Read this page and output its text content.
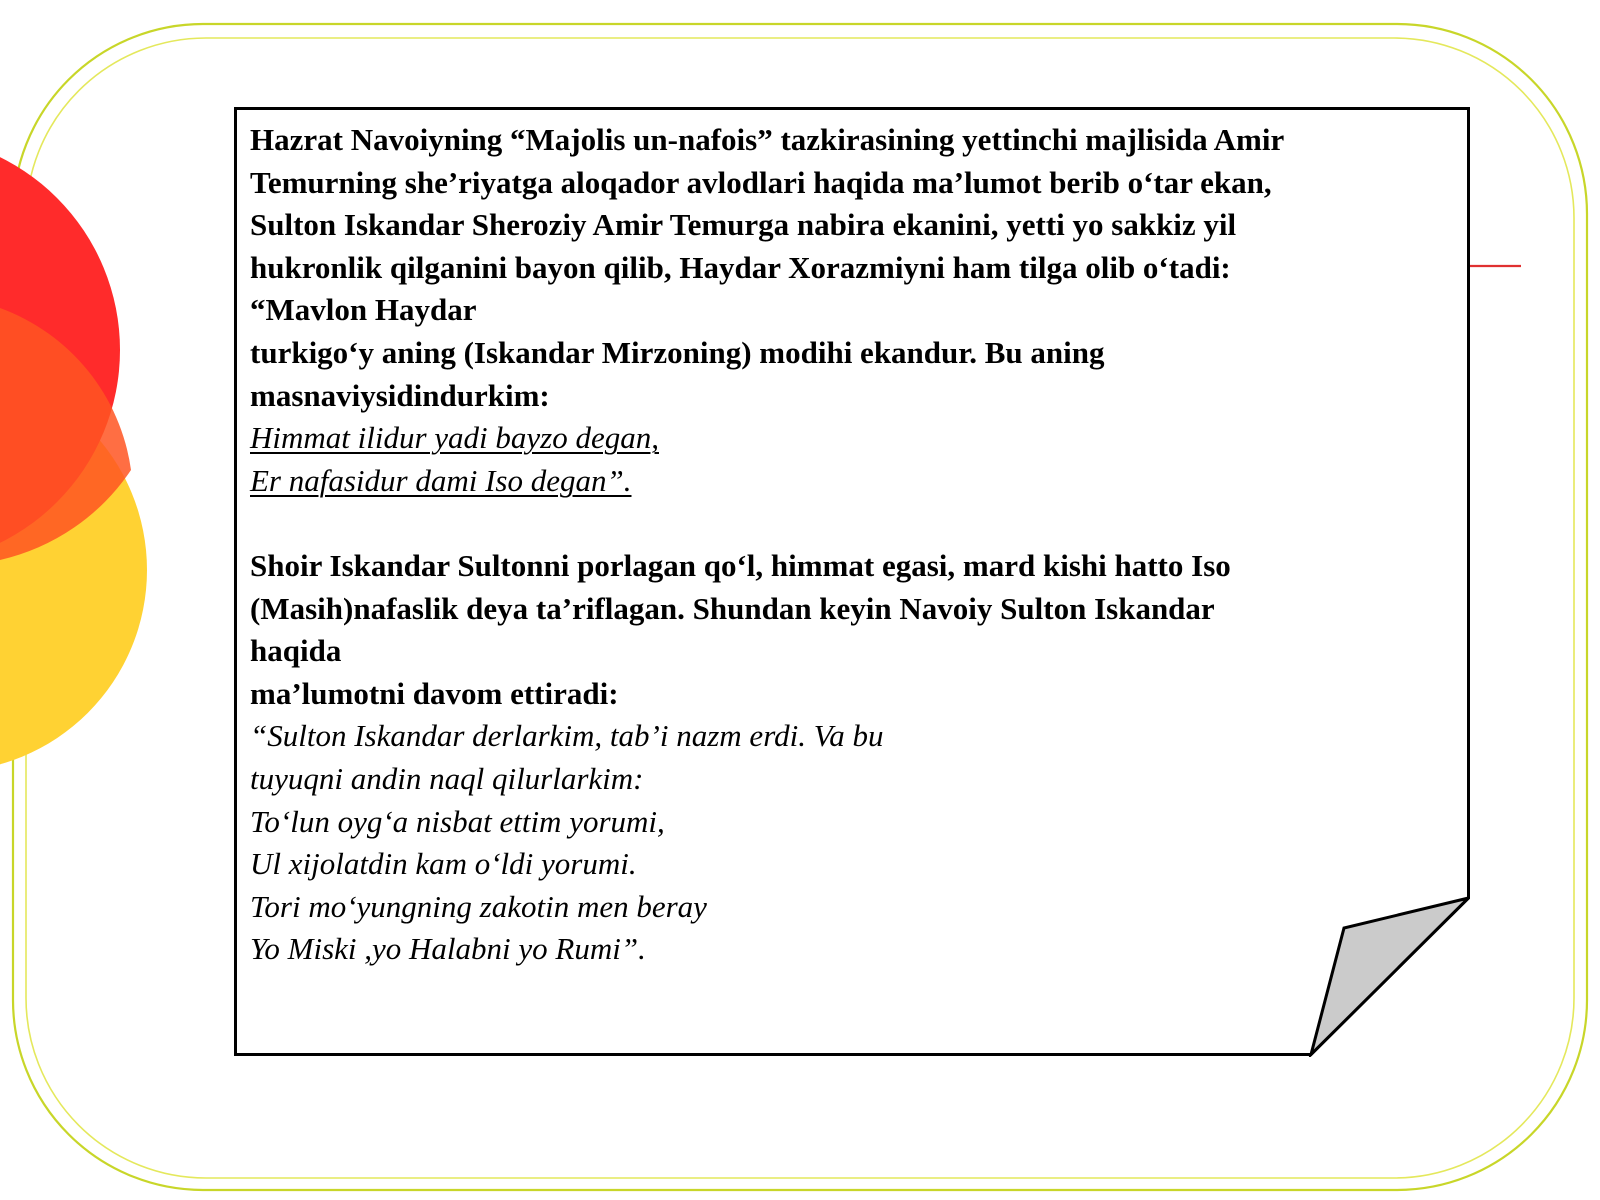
Hazrat Navoiyning “Majolis un-nafois” tazkirasining yettinchi majlisida Amir
Temurning she’riyatga aloqador avlodlari haqida ma’lumot berib o‘tar ekan,
Sulton Iskandar Sheroziy Amir Temurga nabira ekanini, yetti yo sakkiz yil
hukronlik qilganini bayon qilib, Haydar Xorazmiyni ham tilga olib o‘tadi:
“Mavlon Haydar
turkigo‘y aning (Iskandar Mirzoning) modihi ekandur. Bu aning
masnaviysidindurkim:
Himmat ilidur yadi bayzo degan,
Er nafasidur dami Iso degan”.
Shoir Iskandar Sultonni porlagan qo‘l, himmat egasi, mard kishi hatto Iso
(Masih)nafaslik deya ta’riflagan. Shundan keyin Navoiy Sulton Iskandar
haqida
ma’lumotni davom ettiradi:
“Sulton Iskandar derlarkim, tab’i nazm erdi. Va bu
tuyuqni andin naql qilurlarkim:
To‘lun oyg‘a nisbat ettim yorumi,
Ul xijolatdin kam o‘ldi yorumi.
Tori mo‘yungning zakotin men beray
Yo Miski ,yo Halabni yo Rumi”.
